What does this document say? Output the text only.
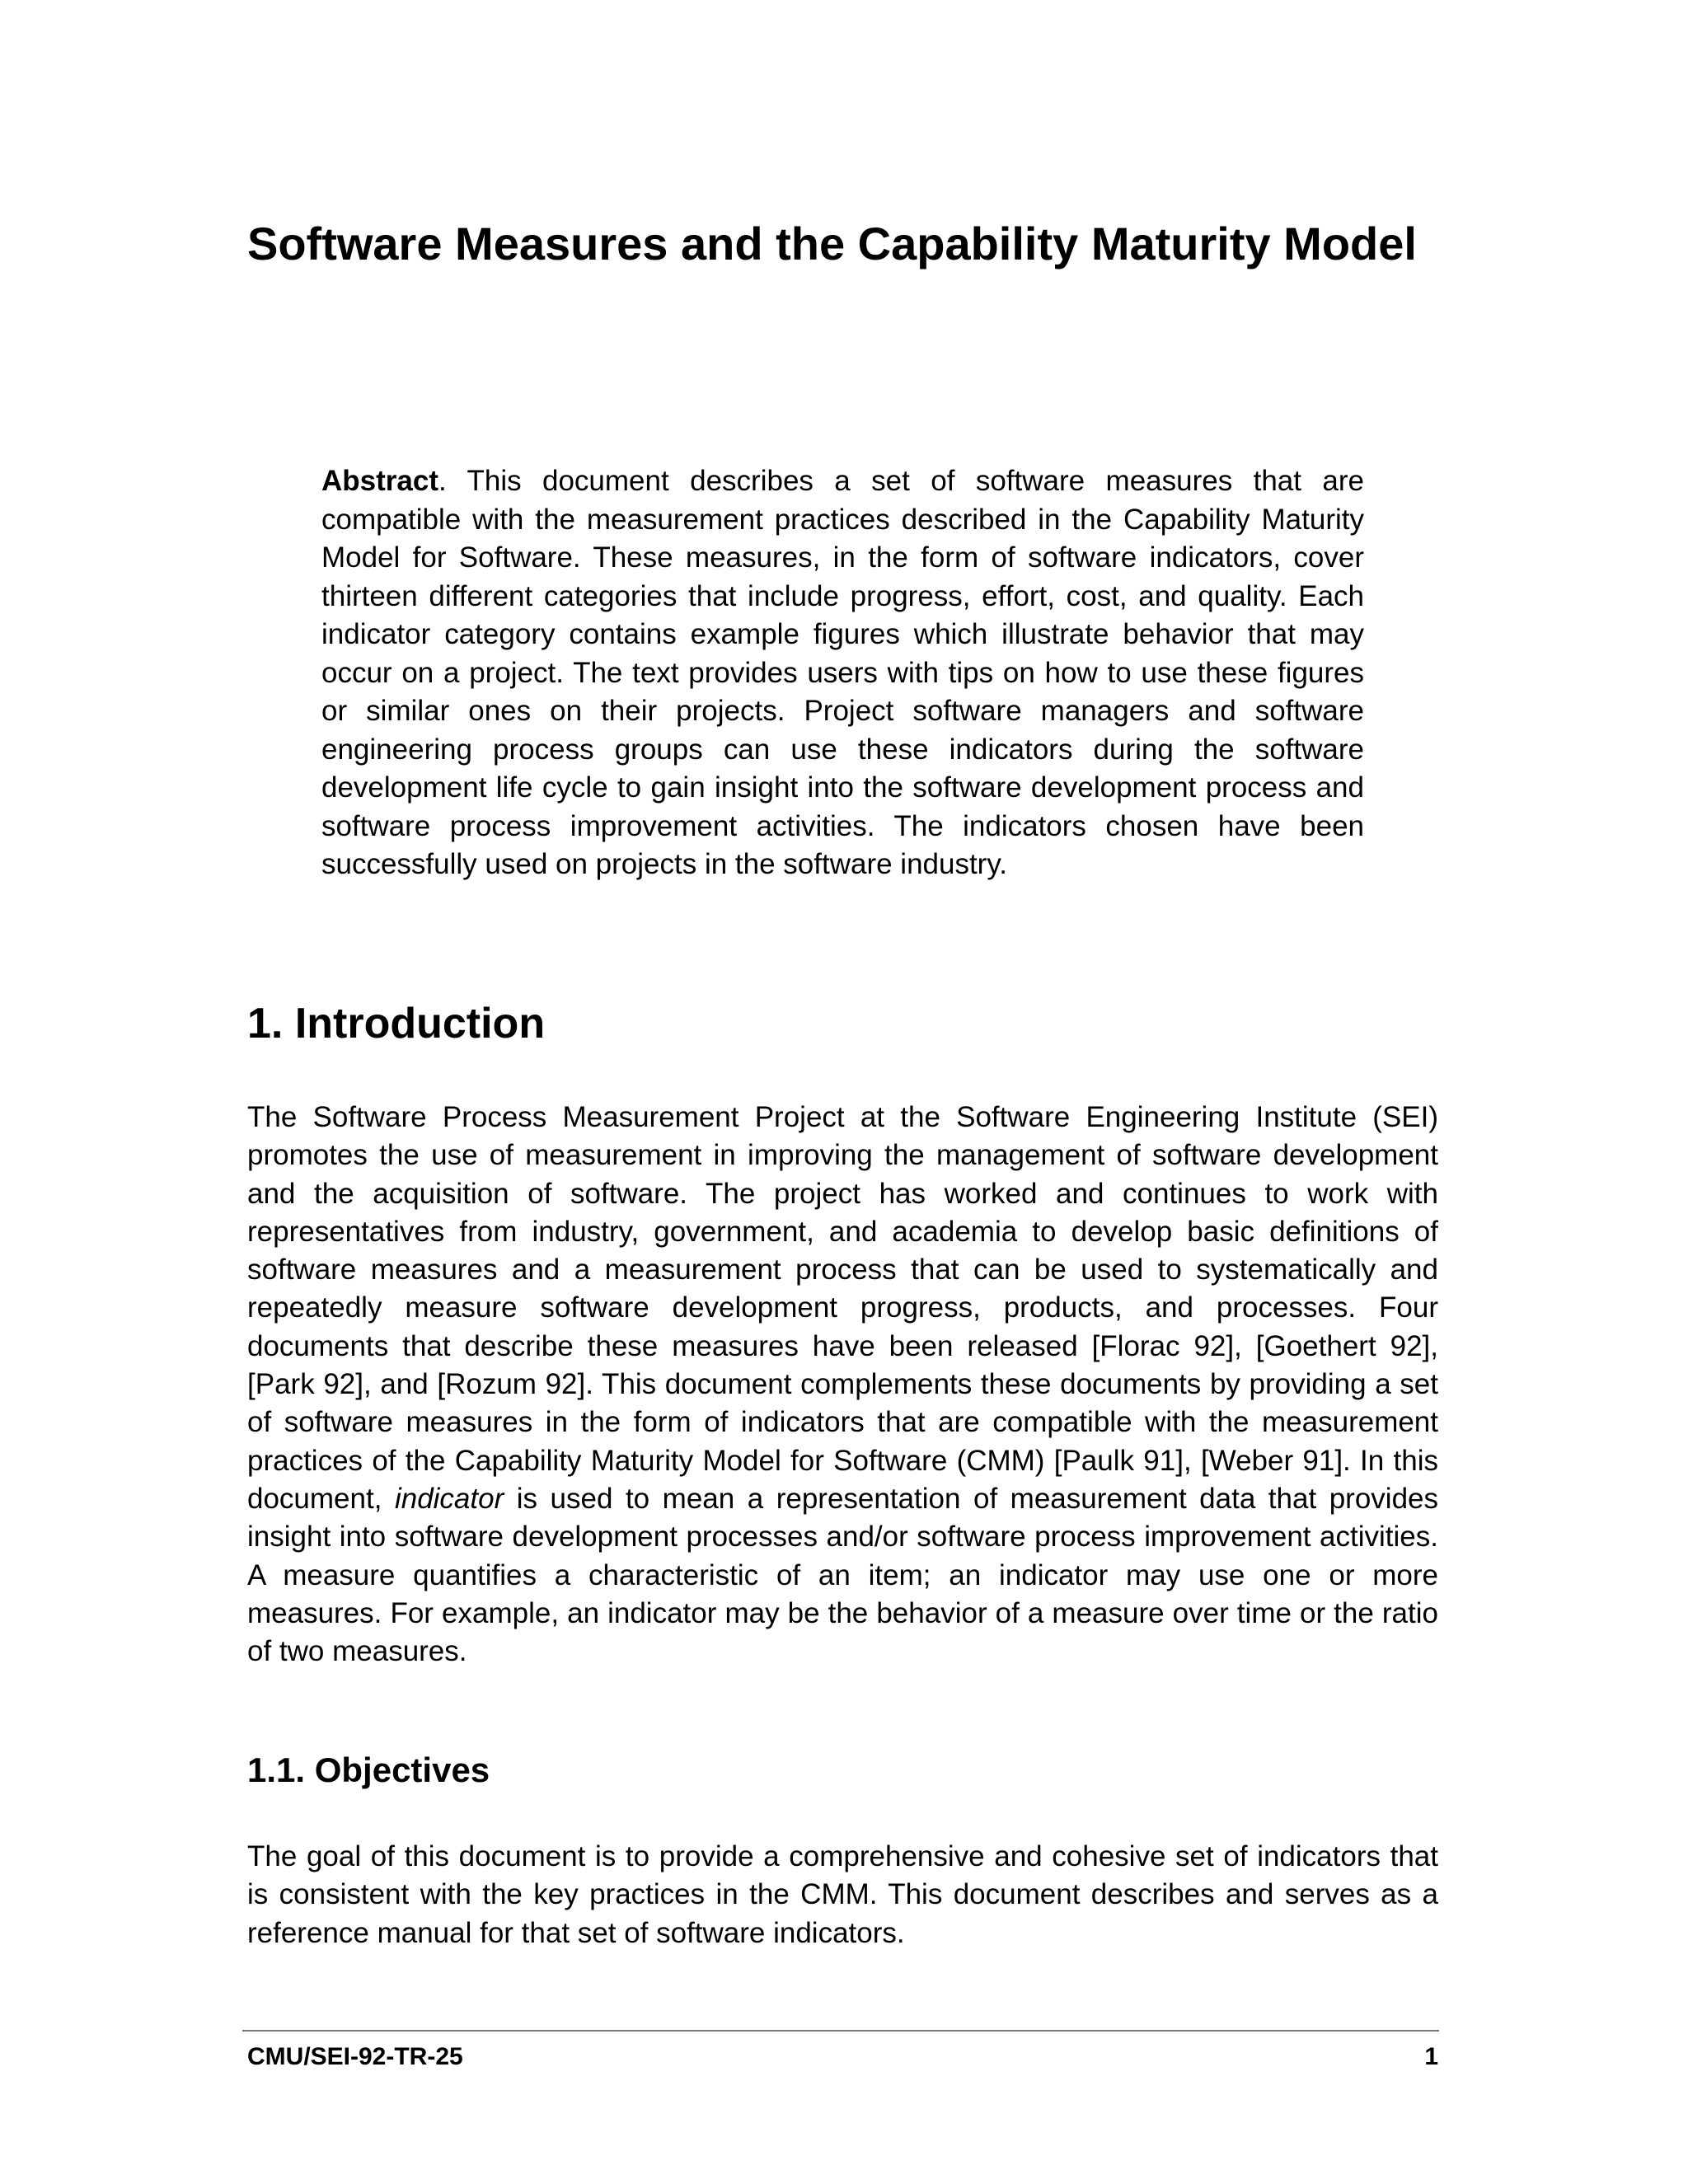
Software Measures and the Capability Maturity Model

Abstract. This document describes a set of software measures that are compatible with the measurement practices described in the Capability Maturity Model for Software. These measures, in the form of software indicators, cover thirteen different categories that include progress, effort, cost, and quality. Each indicator category contains example figures which illustrate behavior that may occur on a project. The text provides users with tips on how to use these figures or similar ones on their projects. Project software managers and software engineering process groups can use these indicators during the software development life cycle to gain insight into the software development process and software process improvement activities. The indicators chosen have been successfully used on projects in the software industry.

1. Introduction

The Software Process Measurement Project at the Software Engineering Institute (SEI) promotes the use of measurement in improving the management of software development and the acquisition of software. The project has worked and continues to work with representatives from industry, government, and academia to develop basic definitions of software measures and a measurement process that can be used to systematically and repeatedly measure software development progress, products, and processes. Four documents that describe these measures have been released [Florac 92], [Goethert 92], [Park 92], and [Rozum 92]. This document complements these documents by providing a set of software measures in the form of indicators that are compatible with the measurement practices of the Capability Maturity Model for Software (CMM) [Paulk 91], [Weber 91]. In this document, indicator is used to mean a representation of measurement data that provides insight into software development processes and/or software process improvement activities. A measure quantifies a characteristic of an item; an indicator may use one or more measures. For example, an indicator may be the behavior of a measure over time or the ratio of two measures.

1.1. Objectives

The goal of this document is to provide a comprehensive and cohesive set of indicators that is consistent with the key practices in the CMM. This document describes and serves as a reference manual for that set of software indicators.

CMU/SEI-92-TR-25	1
